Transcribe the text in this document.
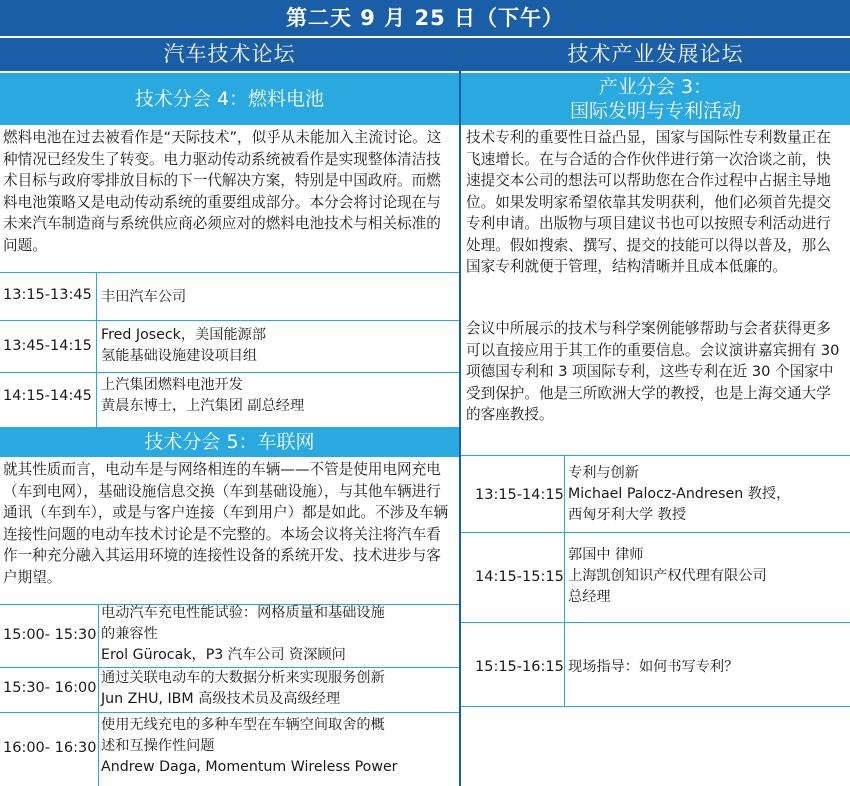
第二天 9 月 25 日（下午）
汽车技术论坛	技术产业发展论坛
技术分会 4：燃料电池
产业分会 3：
国际发明与专利活动
技术分会 5：车联网

燃料电池在过去被看作是“天际技术”，似乎从未能加入主流讨论。这种情况已经发生了转变。电力驱动传动系统被看作是实现整体清洁技术目标与政府零排放目标的下一代解决方案，特别是中国政府。而燃料电池策略又是电动传动系统的重要组成部分。本分会将讨论现在与未来汽车制造商与系统供应商必须应对的燃料电池技术与相关标准的问题。

13:15-13:45 丰田汽车公司
13:45-14:15
Fred Joseck，美国能源部
氢能基础设施建设项目组
14:15-14:45
上汽集团燃料电池开发
黄晨东博士，上汽集团 副总经理

就其性质而言，电动车是与网络相连的车辆——不管是使用电网充电（车到电网），基础设施信息交换（车到基础设施），与其他车辆进行通讯（车到车），或是与客户连接（车到用户）都是如此。不涉及车辆连接性问题的电动车技术讨论是不完整的。本场会议将关注将汽车看作一种充分融入其运用环境的连接性设备的系统开发、技术进步与客户期望。

15:00- 15:30
电动汽车充电性能试验：网格质量和基础设施
的兼容性
Erol Gürocak，P3 汽车公司 资深顾问
15:30- 16:00
通过关联电动车的大数据分析来实现服务创新
Jun ZHU, IBM 高级技术员及高级经理
16:00- 16:30
使用无线充电的多种车型在车辆空间取舍的概
述和互操作性问题
Andrew Daga, Momentum Wireless Power

技术专利的重要性日益凸显，国家与国际性专利数量正在飞速增长。在与合适的合作伙伴进行第一次洽谈之前，快速提交本公司的想法可以帮助您在合作过程中占据主导地位。如果发明家希望依靠其发明获利，他们必须首先提交专利申请。出版物与项目建议书也可以按照专利活动进行处理。假如搜索、撰写、提交的技能可以得以普及，那么国家专利就便于管理，结构清晰并且成本低廉的。

会议中所展示的技术与科学案例能够帮助与会者获得更多可以直接应用于其工作的重要信息。会议演讲嘉宾拥有 30 项德国专利和 3 项国际专利，这些专利在近 30 个国家中受到保护。他是三所欧洲大学的教授，也是上海交通大学的客座教授。

13:15-14:15
专利与创新
Michael Palocz-Andresen 教授，
西匈牙利大学 教授
14:15-15:15
郭国中 律师
上海凯创知识产权代理有限公司
总经理
15:15-16:15 现场指导：如何书写专利？
